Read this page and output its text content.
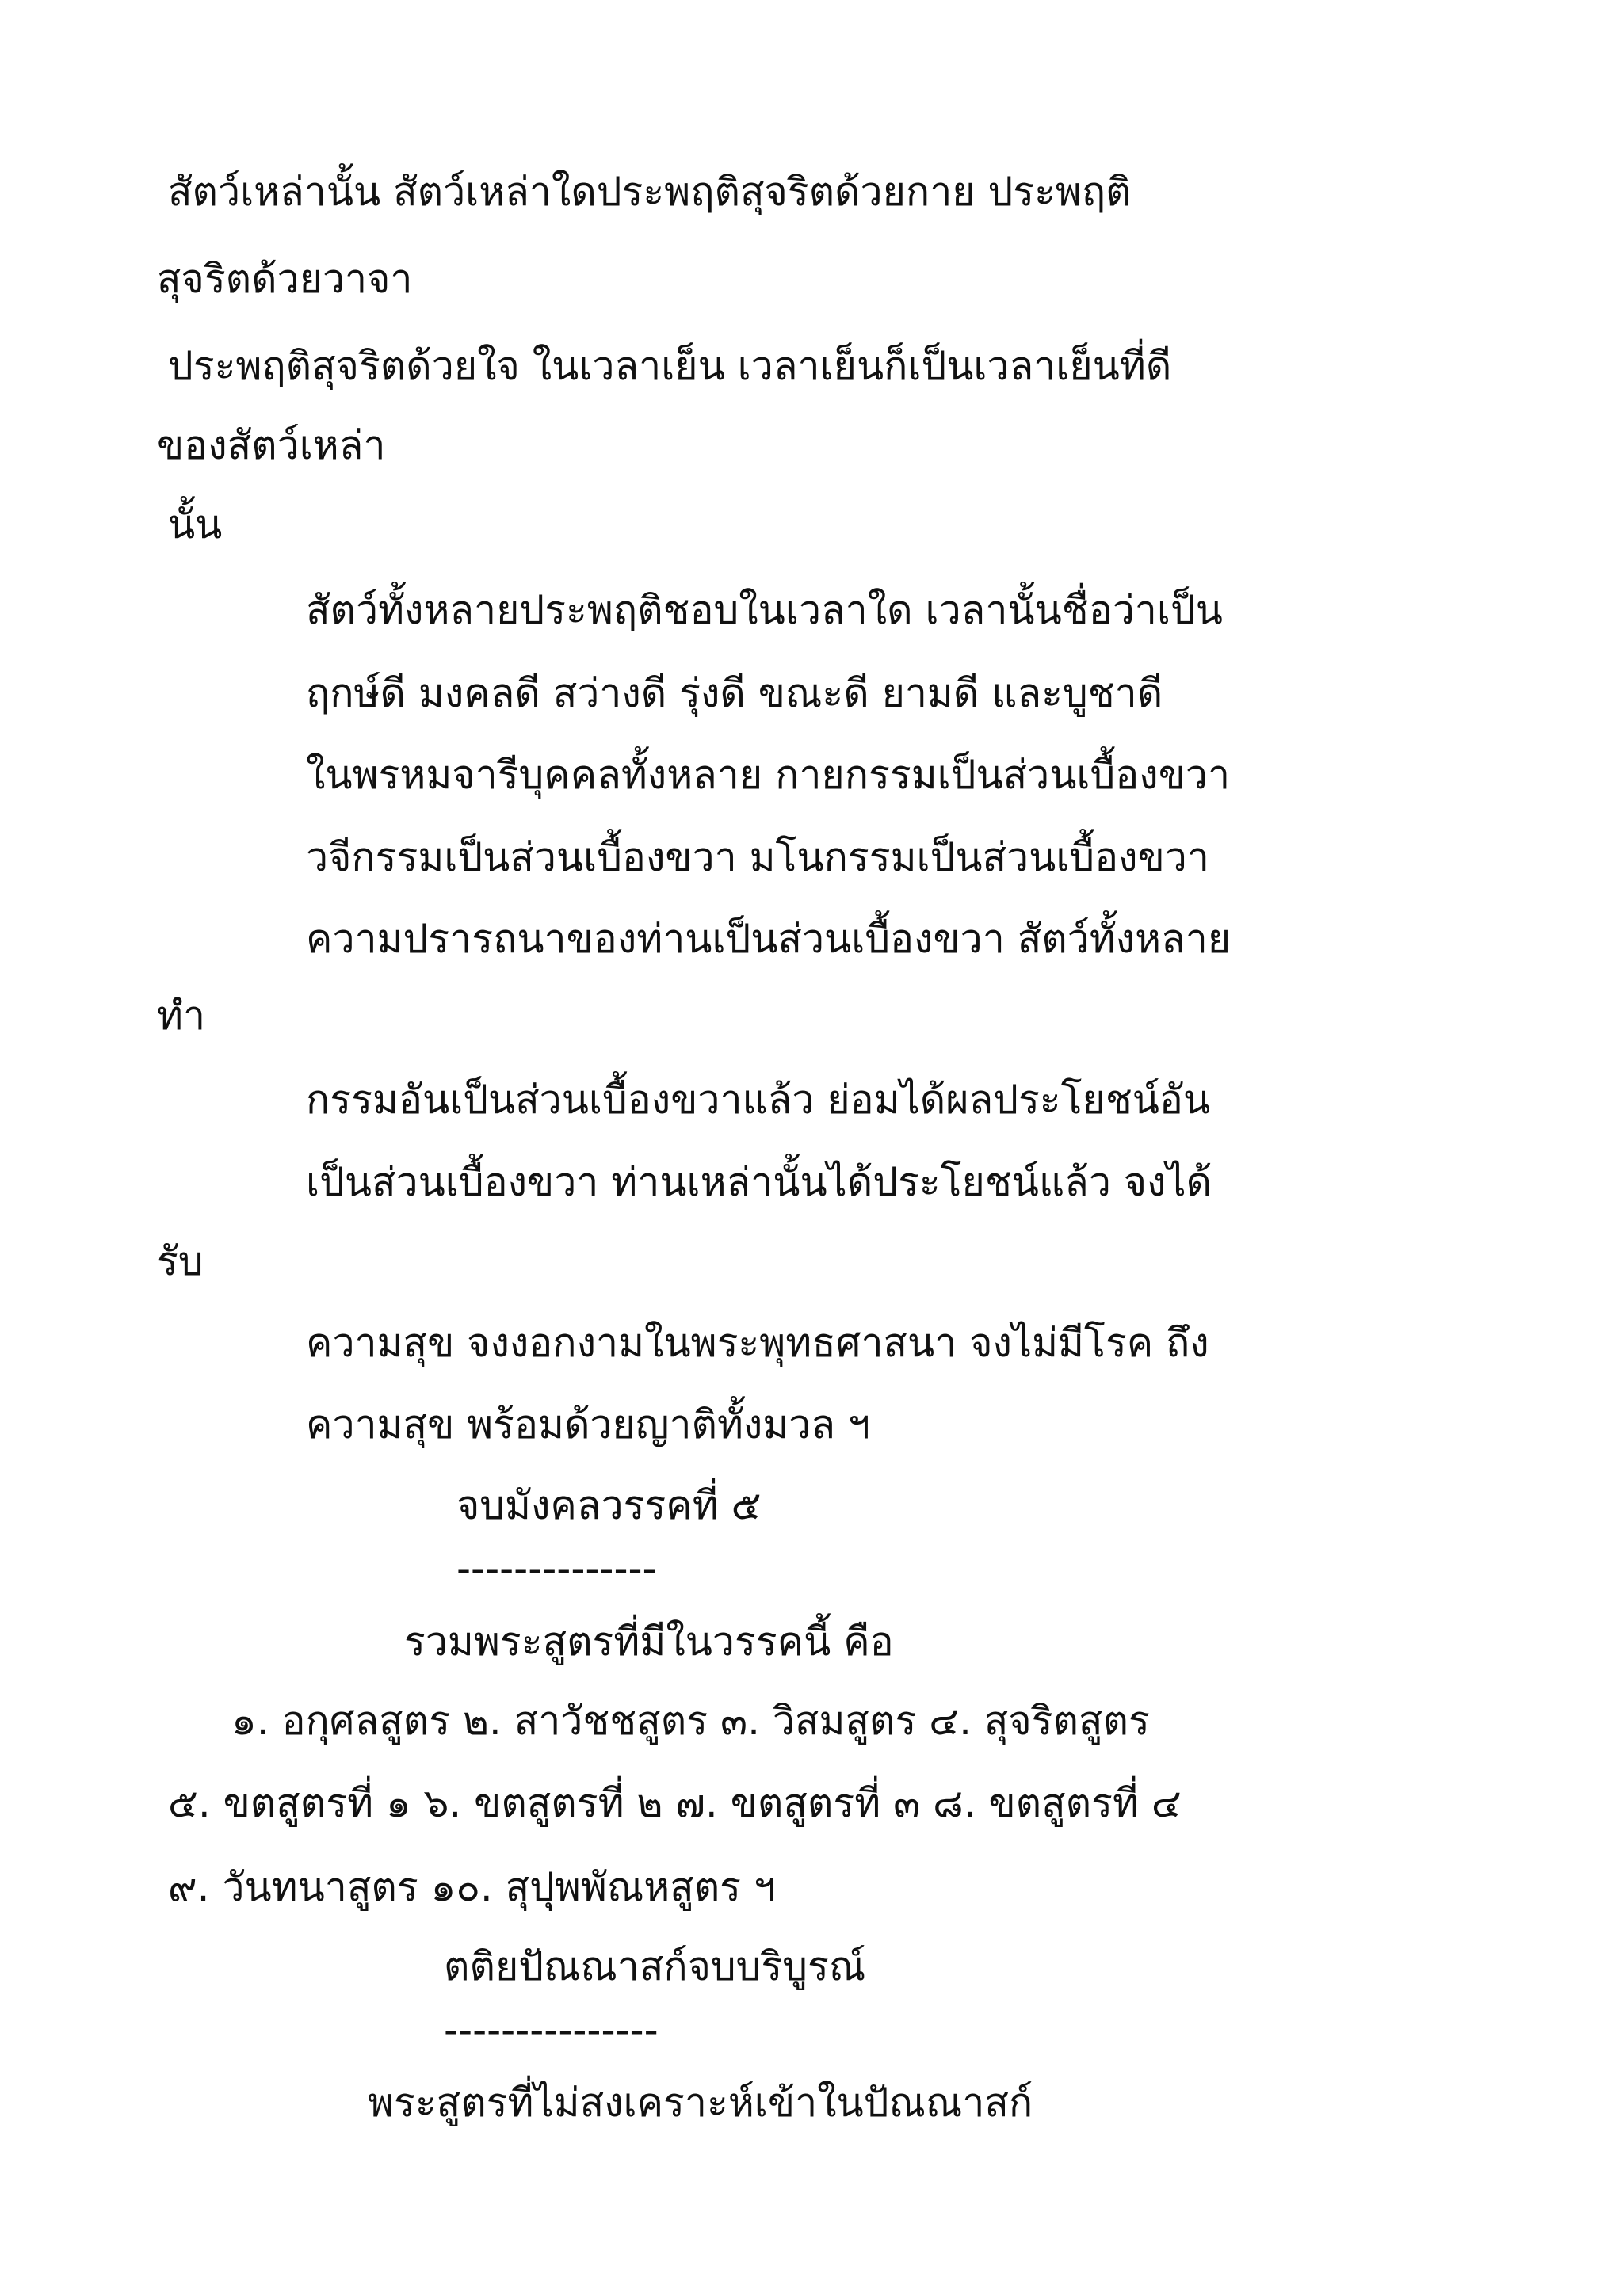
สัตว์เหล่านั้น สัตว์เหล่าใดประพฤติสุจริตด้วยกาย ประพฤติ
สุจริตด้วยวาจา
ประพฤติสุจริตด้วยใจ ในเวลาเย็น เวลาเย็นก็เป็นเวลาเย็นที่ดี
ของสัตว์เหล่า
นั้น
สัตว์ทั้งหลายประพฤติชอบในเวลาใด เวลานั้นชื่อว่าเป็น
ฤกษ์ดี มงคลดี สว่างดี รุ่งดี ขณะดี ยามดี และบูชาดี
ในพรหมจารีบุคคลทั้งหลาย กายกรรมเป็นส่วนเบื้องขวา
วจีกรรมเป็นส่วนเบื้องขวา มโนกรรมเป็นส่วนเบื้องขวา
ความปรารถนาของท่านเป็นส่วนเบื้องขวา สัตว์ทั้งหลาย
ทำ
กรรมอันเป็นส่วนเบื้องขวาแล้ว ย่อมได้ผลประโยชน์อัน
เป็นส่วนเบื้องขวา ท่านเหล่านั้นได้ประโยชน์แล้ว จงได้
รับ
ความสุข จงงอกงามในพระพุทธศาสนา จงไม่มีโรค ถึง
ความสุข พร้อมด้วยญาติทั้งมวล ฯ
จบมังคลวรรคที่ ๕
--------------
รวมพระสูตรที่มีในวรรคนี้ คือ
๑. อกุศลสูตร ๒. สาวัชชสูตร ๓. วิสมสูตร ๔. สุจริตสูตร
๕. ขตสูตรที่ ๑ ๖. ขตสูตรที่ ๒ ๗. ขตสูตรที่ ๓ ๘. ขตสูตรที่ ๔
๙. วันทนาสูตร ๑๐. สุปุพพัณหสูตร ฯ
ตติยปัณณาสก์จบบริบูรณ์
---------------
พระสูตรที่ไม่สงเคราะห์เข้าในปัณณาสก์
